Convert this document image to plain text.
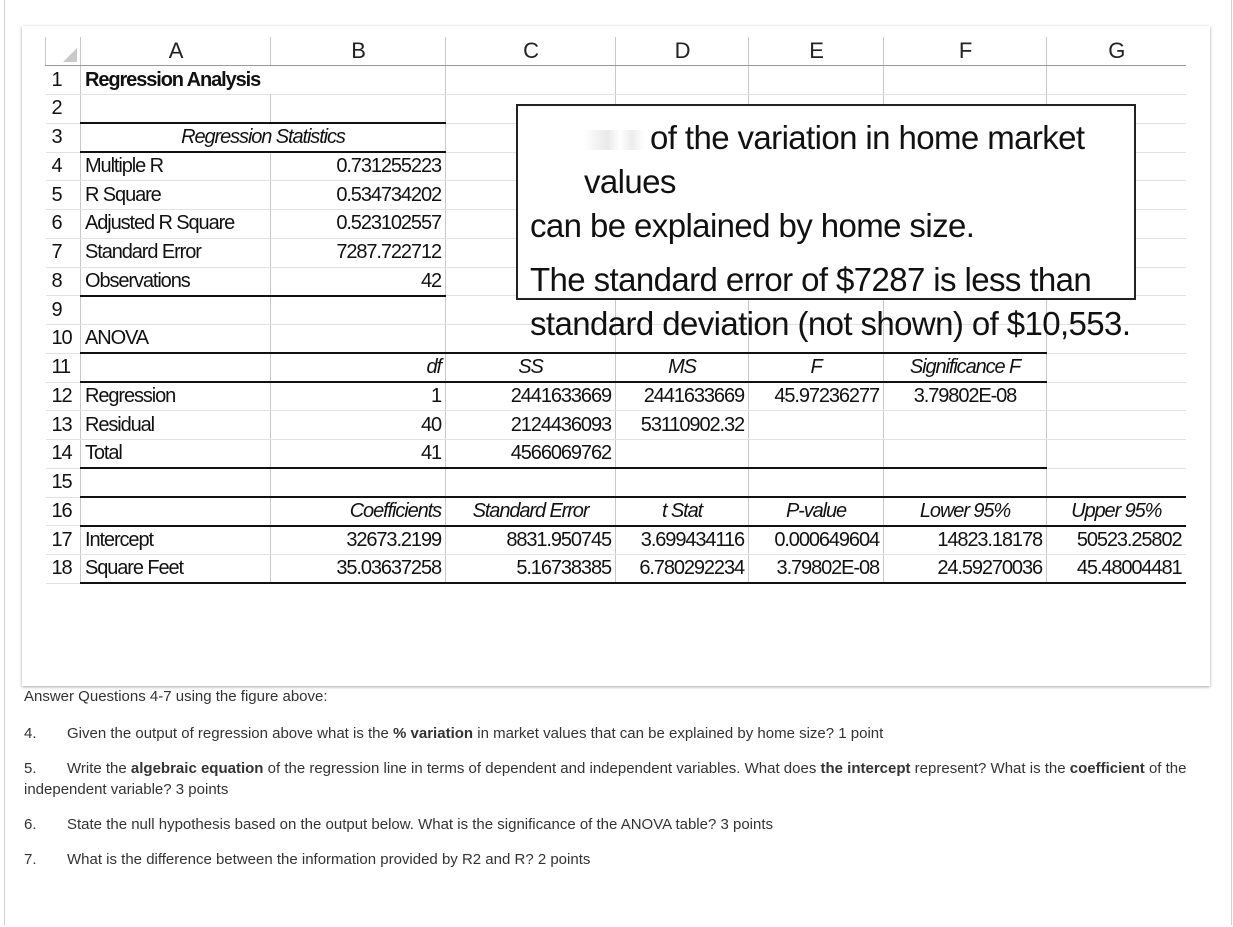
	A	B	C	D	E	F	G
1	Regression Analysis						
2							
3	Regression Statistics						
4	Multiple R	0.731255223					
5	R Square	0.534734202					
6	Adjusted R Square	0.523102557					
7	Standard Error	7287.722712					
8	Observations	42					
9							
10	ANOVA						
11		df	SS	MS	F	Significance F	
12	Regression	1	2441633669	2441633669	45.97236277	3.79802E-08	
13	Residual	40	2124436093	53110902.32			
14	Total	41	4566069762				
15							
16		Coefficients	Standard Error	t Stat	P-value	Lower 95%	Upper 95%
17	Intercept	32673.2199	8831.950745	3.699434116	0.000649604	14823.18178	50523.25802
18	Square Feet	35.03637258	5.16738385	6.780292234	3.79802E-08	24.59270036	45.48004481

of the variation in home market values

can be explained by home size.

The standard error of $7287 is less than

standard deviation (not shown) of $10,553.

Answer Questions 4-7 using the figure above:

4. Given the output of regression above what is the % variation in market values that can be explained by home size? 1 point

5. Write the algebraic equation of the regression line in terms of dependent and independent variables. What does the intercept represent? What is the coefficient of the independent variable? 3 points

6. State the null hypothesis based on the output below. What is the significance of the ANOVA table? 3 points

7. What is the difference between the information provided by R2 and R? 2 points
